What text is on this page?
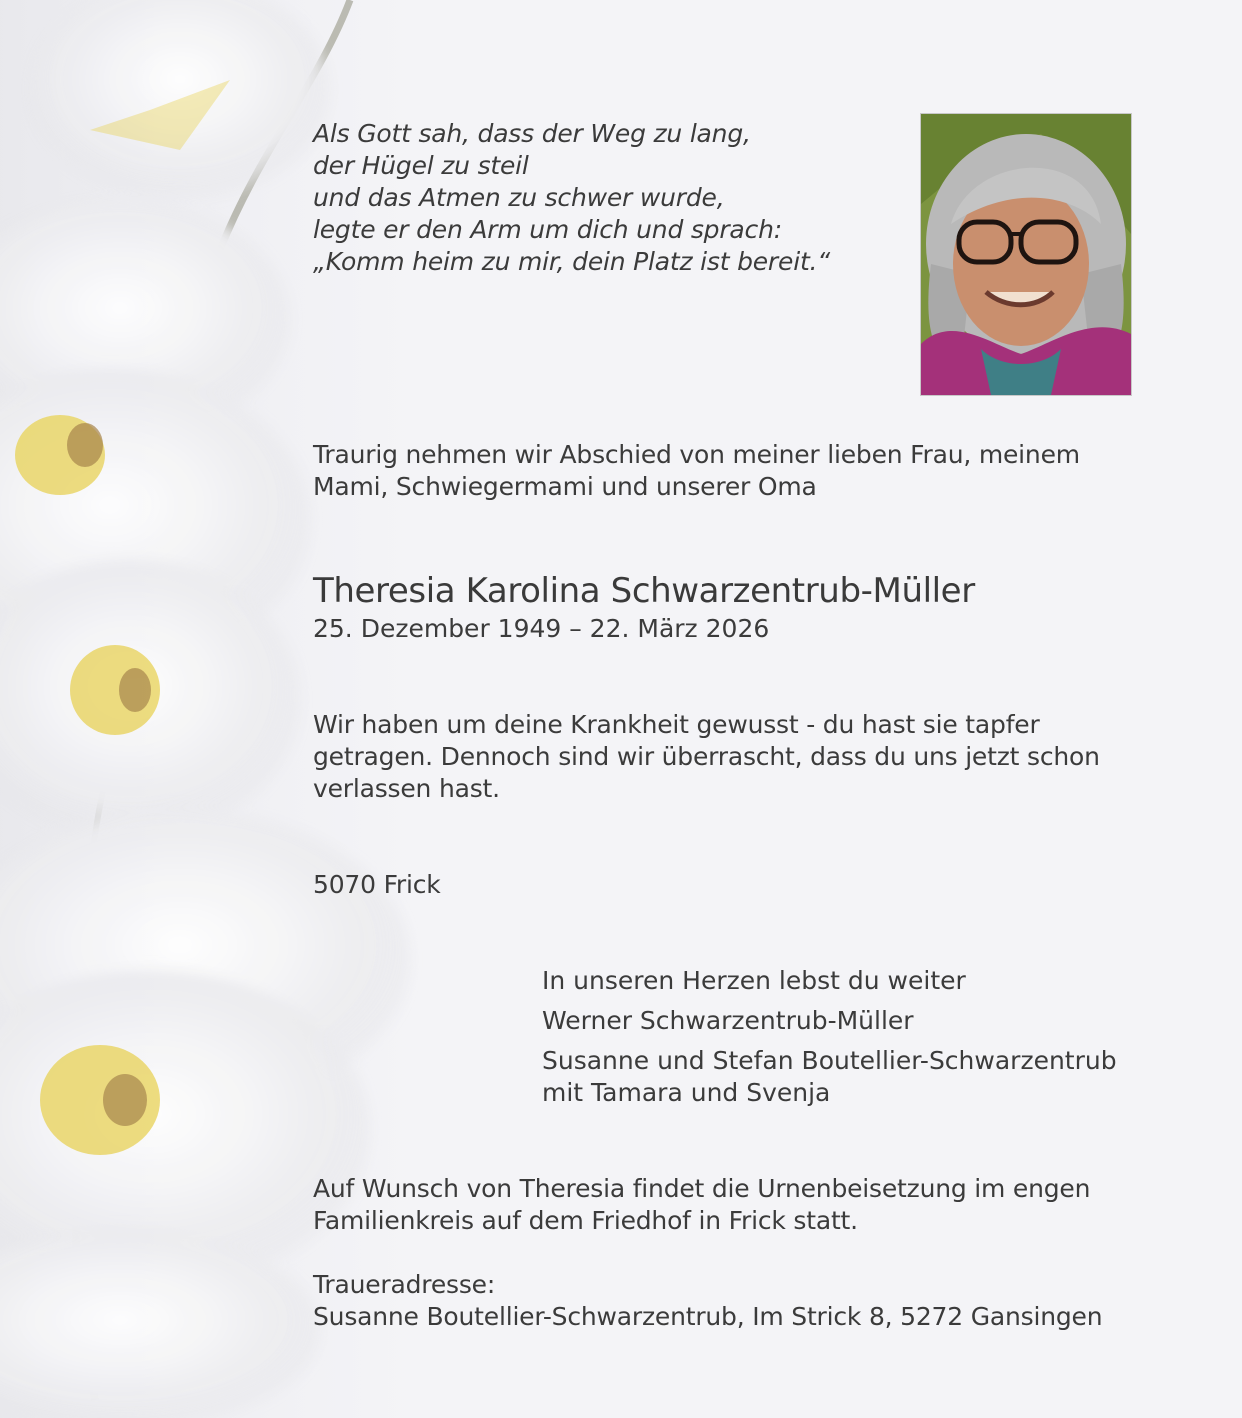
Als Gott sah, dass der Weg zu lang,
der Hügel zu steil
und das Atmen zu schwer wurde,
legte er den Arm um dich und sprach:
„Komm heim zu mir, dein Platz ist bereit.“
Traurig nehmen wir Abschied von meiner lieben Frau, meinem
Mami, Schwiegermami und unserer Oma
Theresia Karolina Schwarzentrub-Müller
25. Dezember 1949 – 22. März 2026
Wir haben um deine Krankheit gewusst - du hast sie tapfer
getragen. Dennoch sind wir überrascht, dass du uns jetzt schon
verlassen hast.
5070 Frick
In unseren Herzen lebst du weiter
Werner Schwarzentrub-Müller
Susanne und Stefan Boutellier-Schwarzentrub
mit Tamara und Svenja
Auf Wunsch von Theresia findet die Urnenbeisetzung im engen
Familienkreis auf dem Friedhof in Frick statt.
Traueradresse:
Susanne Boutellier-Schwarzentrub, Im Strick 8, 5272 Gansingen
